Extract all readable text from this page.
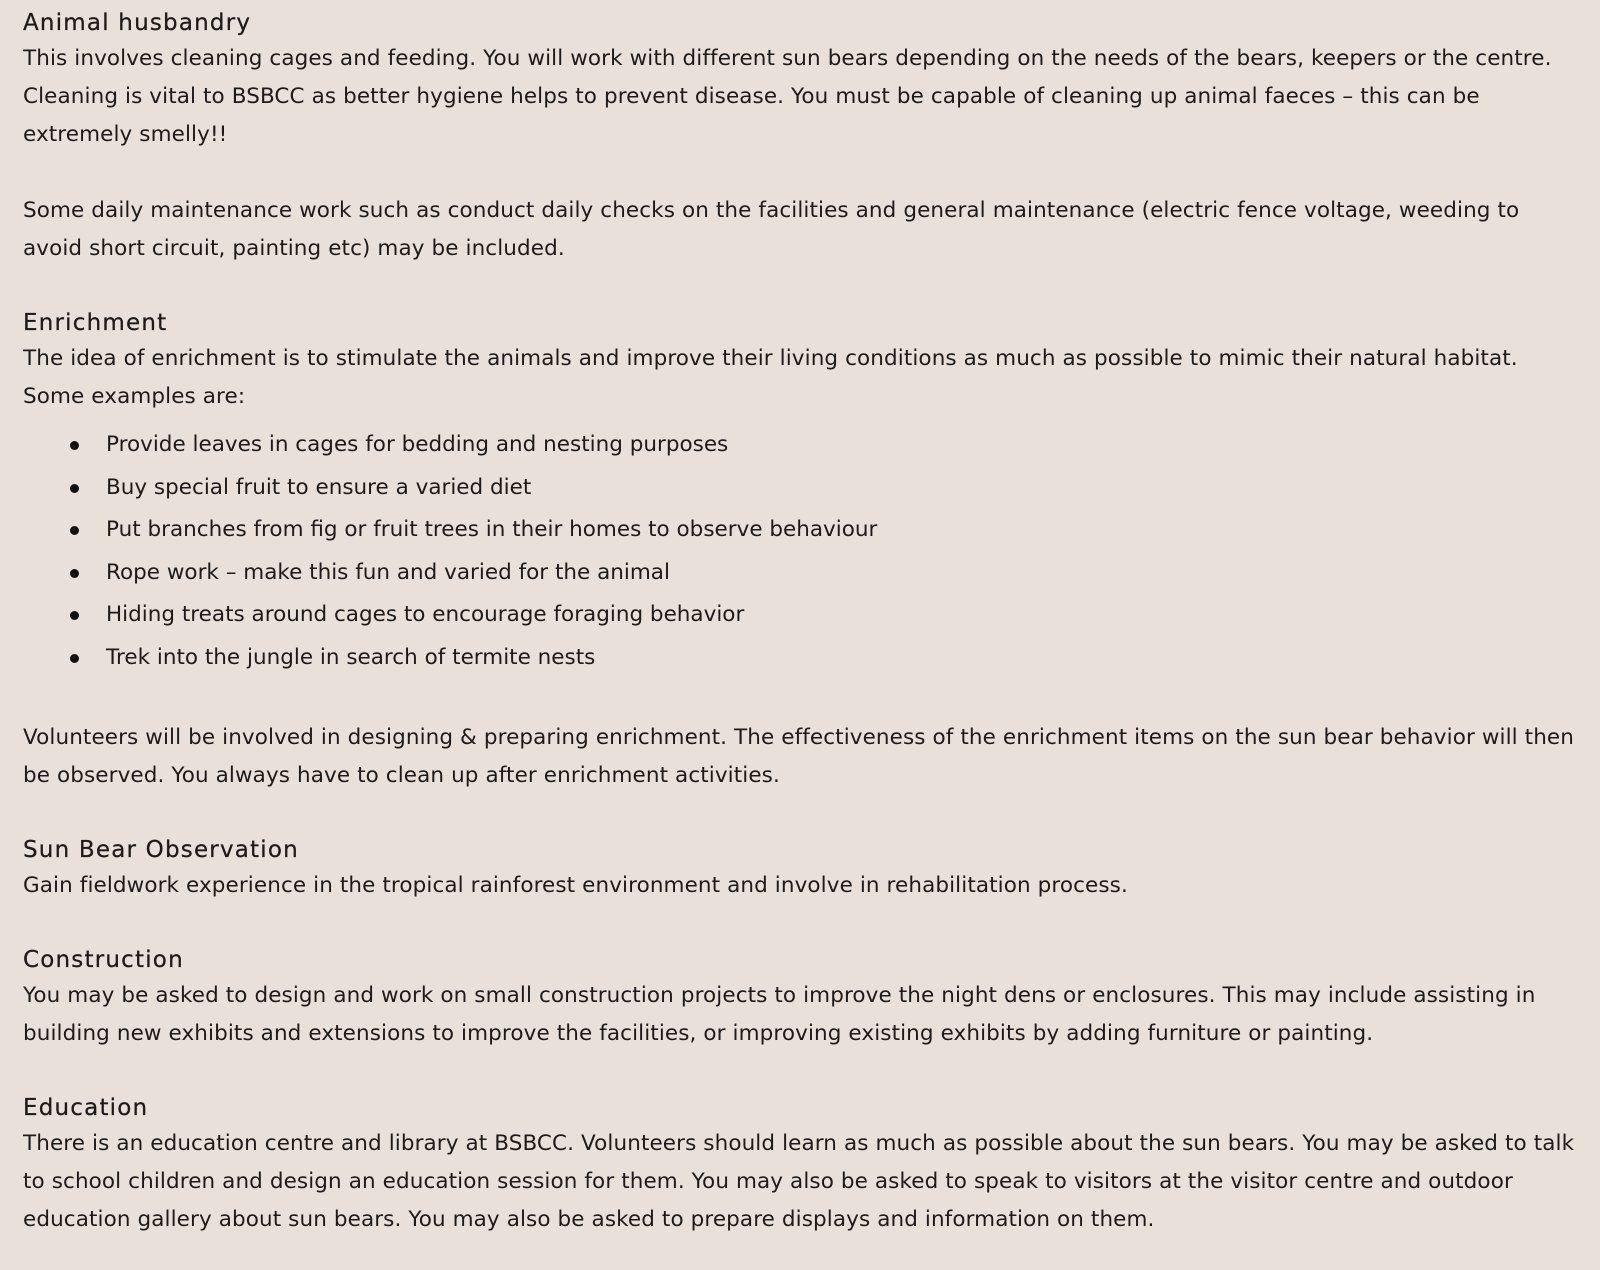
Animal husbandry

This involves cleaning cages and feeding. You will work with different sun bears depending on the needs of the bears, keepers or the centre. Cleaning is vital to BSBCC as better hygiene helps to prevent disease. You must be capable of cleaning up animal faeces – this can be extremely smelly!!

Some daily maintenance work such as conduct daily checks on the facilities and general maintenance (electric fence voltage, weeding to avoid short circuit, painting etc) may be included.

Enrichment

The idea of enrichment is to stimulate the animals and improve their living conditions as much as possible to mimic their natural habitat. Some examples are:

Provide leaves in cages for bedding and nesting purposes
Buy special fruit to ensure a varied diet
Put branches from fig or fruit trees in their homes to observe behaviour
Rope work – make this fun and varied for the animal
Hiding treats around cages to encourage foraging behavior
Trek into the jungle in search of termite nests

Volunteers will be involved in designing & preparing enrichment. The effectiveness of the enrichment items on the sun bear behavior will then be observed. You always have to clean up after enrichment activities.

Sun Bear Observation

Gain fieldwork experience in the tropical rainforest environment and involve in rehabilitation process.

Construction

You may be asked to design and work on small construction projects to improve the night dens or enclosures. This may include assisting in building new exhibits and extensions to improve the facilities, or improving existing exhibits by adding furniture or painting.

Education

There is an education centre and library at BSBCC. Volunteers should learn as much as possible about the sun bears. You may be asked to talk to school children and design an education session for them. You may also be asked to speak to visitors at the visitor centre and outdoor education gallery about sun bears. You may also be asked to prepare displays and information on them.
